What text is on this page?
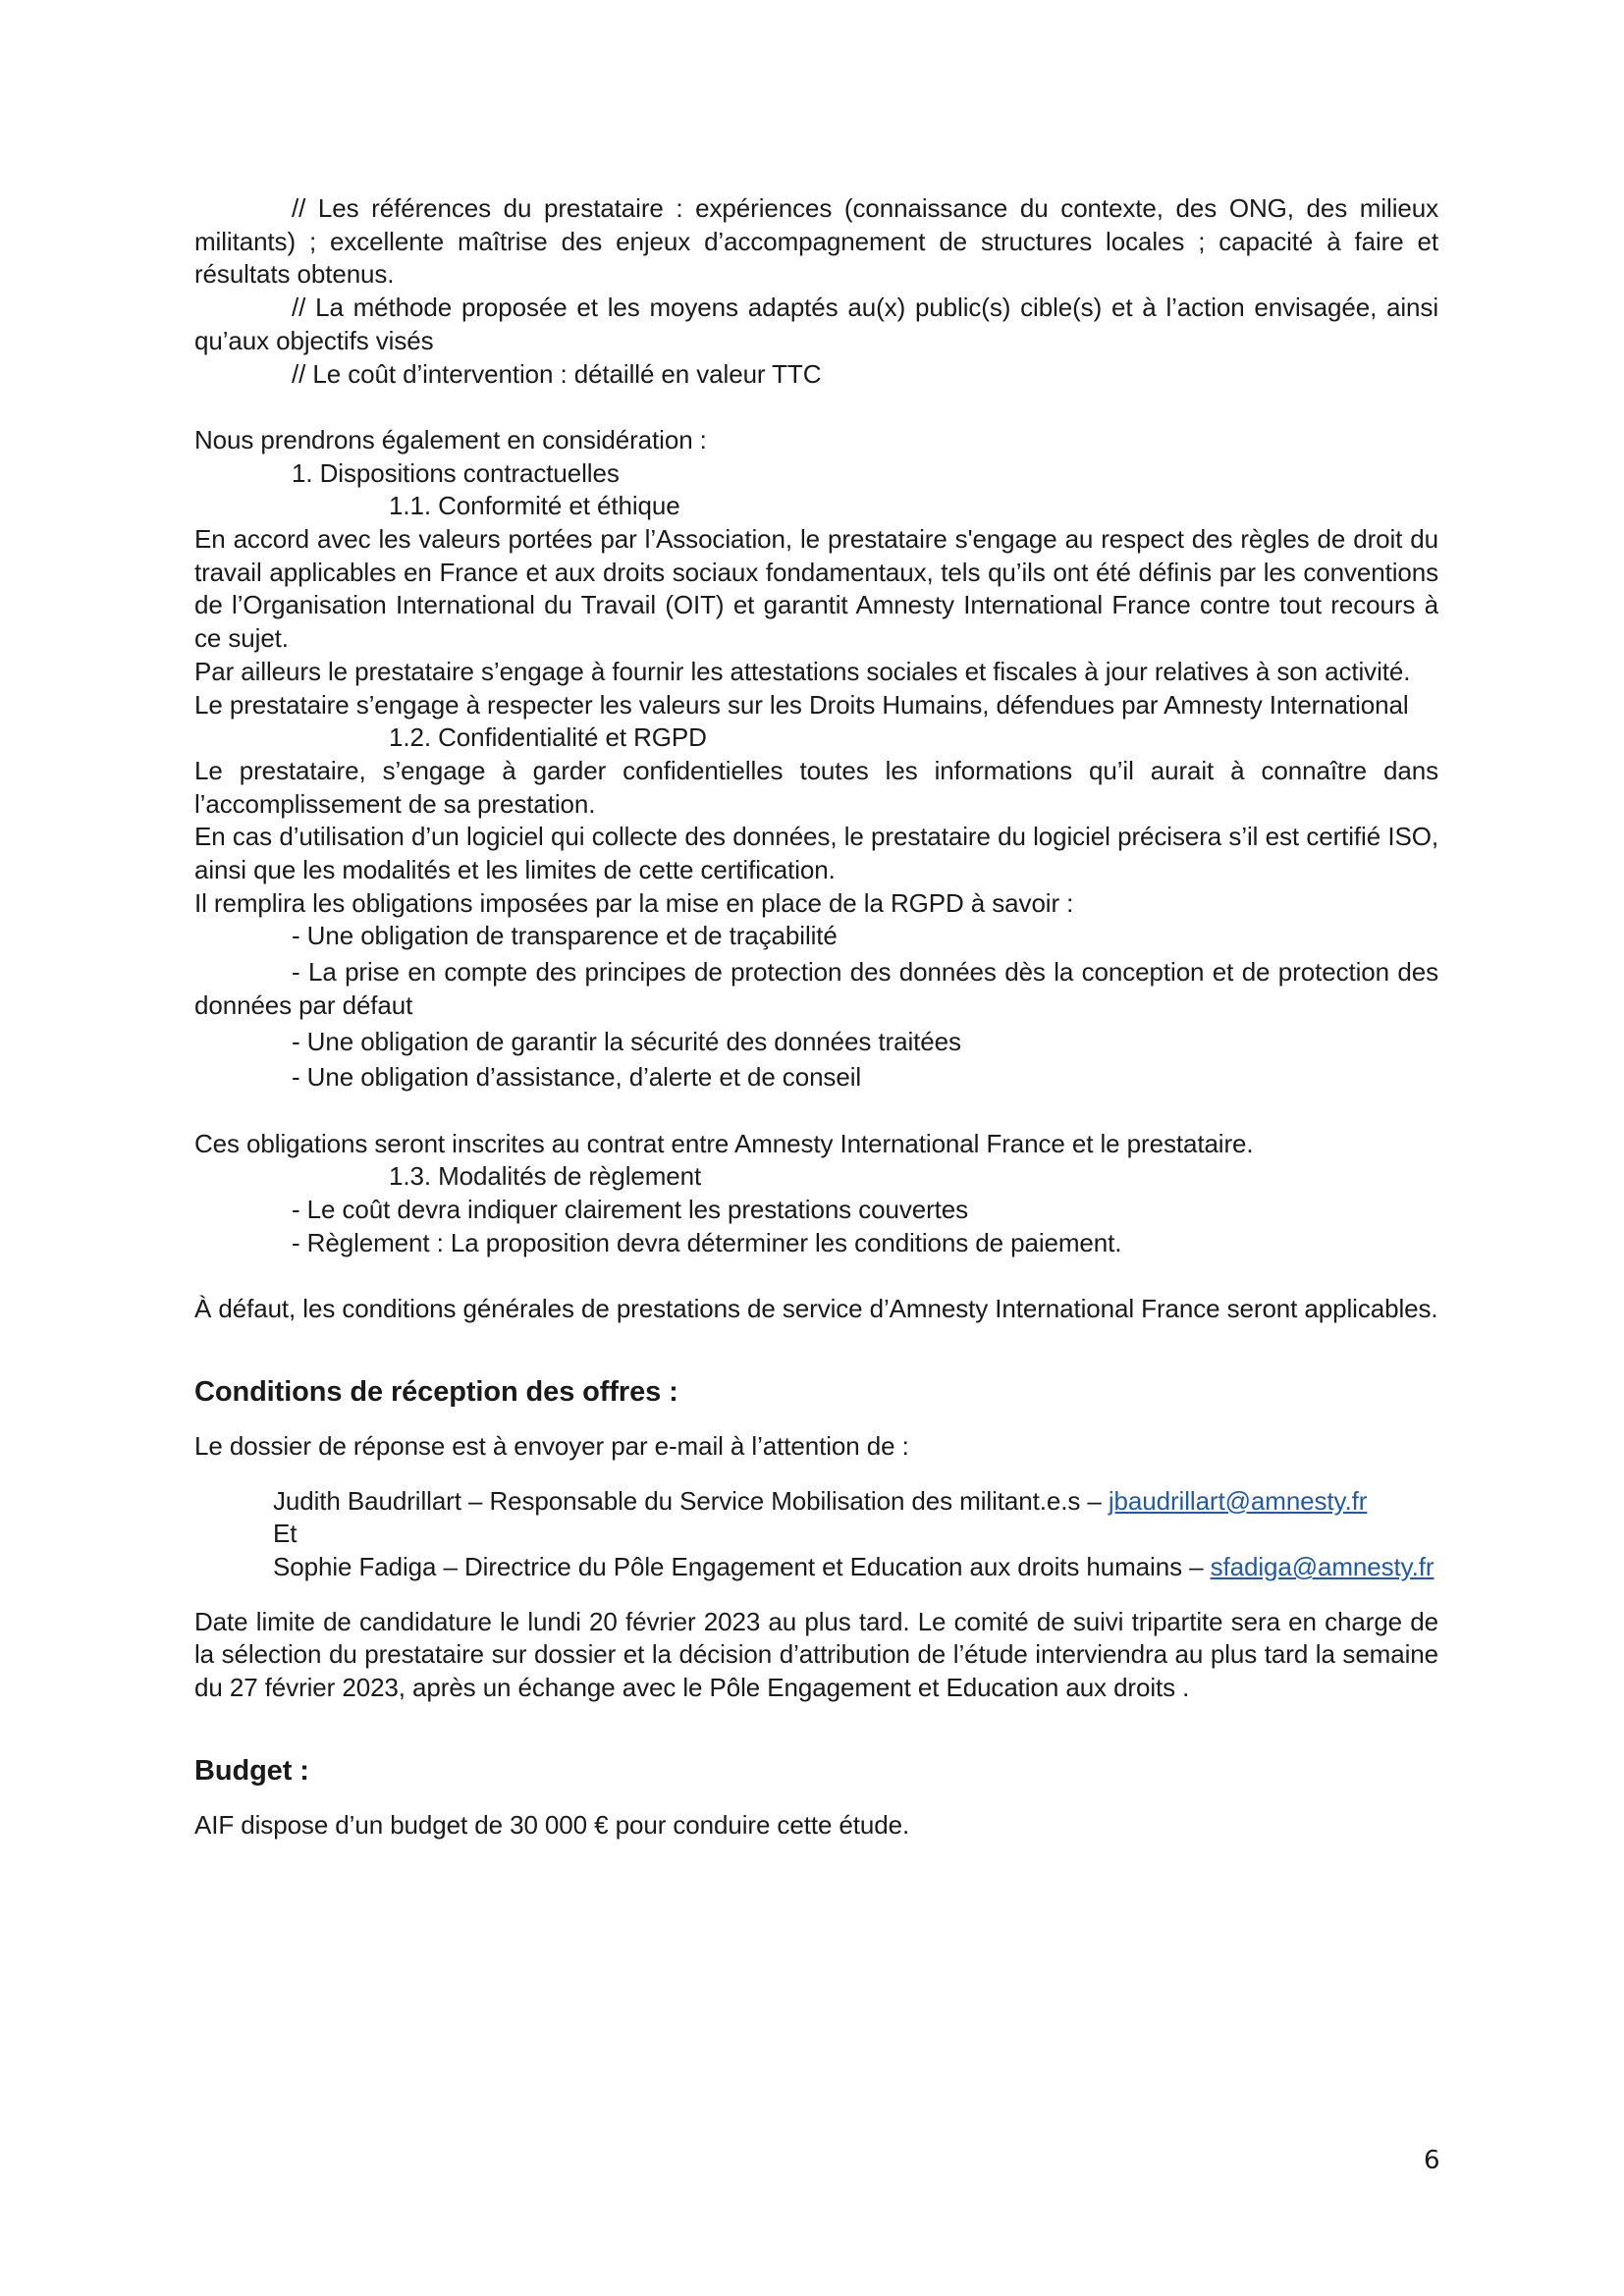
// Les références du prestataire : expériences (connaissance du contexte, des ONG, des milieux militants) ; excellente maîtrise des enjeux d’accompagnement de structures locales ; capacité à faire et résultats obtenus.

// La méthode proposée et les moyens adaptés au(x) public(s) cible(s) et à l’action envisagée, ainsi qu’aux objectifs visés

// Le coût d’intervention : détaillé en valeur TTC

Nous prendrons également en considération :

1. Dispositions contractuelles

1.1. Conformité et éthique

En accord avec les valeurs portées par l’Association, le prestataire s'engage au respect des règles de droit du travail applicables en France et aux droits sociaux fondamentaux, tels qu’ils ont été définis par les conventions de l’Organisation International du Travail (OIT) et garantit Amnesty International France contre tout recours à ce sujet.

Par ailleurs le prestataire s’engage à fournir les attestations sociales et fiscales à jour relatives à son activité.

Le prestataire s’engage à respecter les valeurs sur les Droits Humains, défendues par Amnesty International

1.2. Confidentialité et RGPD

Le prestataire, s’engage à garder confidentielles toutes les informations qu’il aurait à connaître dans l’accomplissement de sa prestation.

En cas d’utilisation d’un logiciel qui collecte des données, le prestataire du logiciel précisera s’il est certifié ISO, ainsi que les modalités et les limites de cette certification.

Il remplira les obligations imposées par la mise en place de la RGPD à savoir :

- Une obligation de transparence et de traçabilité

- La prise en compte des principes de protection des données dès la conception et de protection des données par défaut

- Une obligation de garantir la sécurité des données traitées

- Une obligation d’assistance, d’alerte et de conseil

Ces obligations seront inscrites au contrat entre Amnesty International France et le prestataire.

1.3. Modalités de règlement

- Le coût devra indiquer clairement les prestations couvertes

- Règlement : La proposition devra déterminer les conditions de paiement.

À défaut, les conditions générales de prestations de service d’Amnesty International France seront applicables.

Conditions de réception des offres :

Le dossier de réponse est à envoyer par e-mail à l’attention de :

Judith Baudrillart – Responsable du Service Mobilisation des militant.e.s – jbaudrillart@amnesty.fr

Et

Sophie Fadiga – Directrice du Pôle Engagement et Education aux droits humains – sfadiga@amnesty.fr

Date limite de candidature le lundi 20 février 2023 au plus tard. Le comité de suivi tripartite sera en charge de la sélection du prestataire sur dossier et la décision d’attribution de l’étude interviendra au plus tard la semaine du 27 février 2023, après un échange avec le Pôle Engagement et Education aux droits .

Budget :

AIF dispose d’un budget de 30 000 € pour conduire cette étude.

6
